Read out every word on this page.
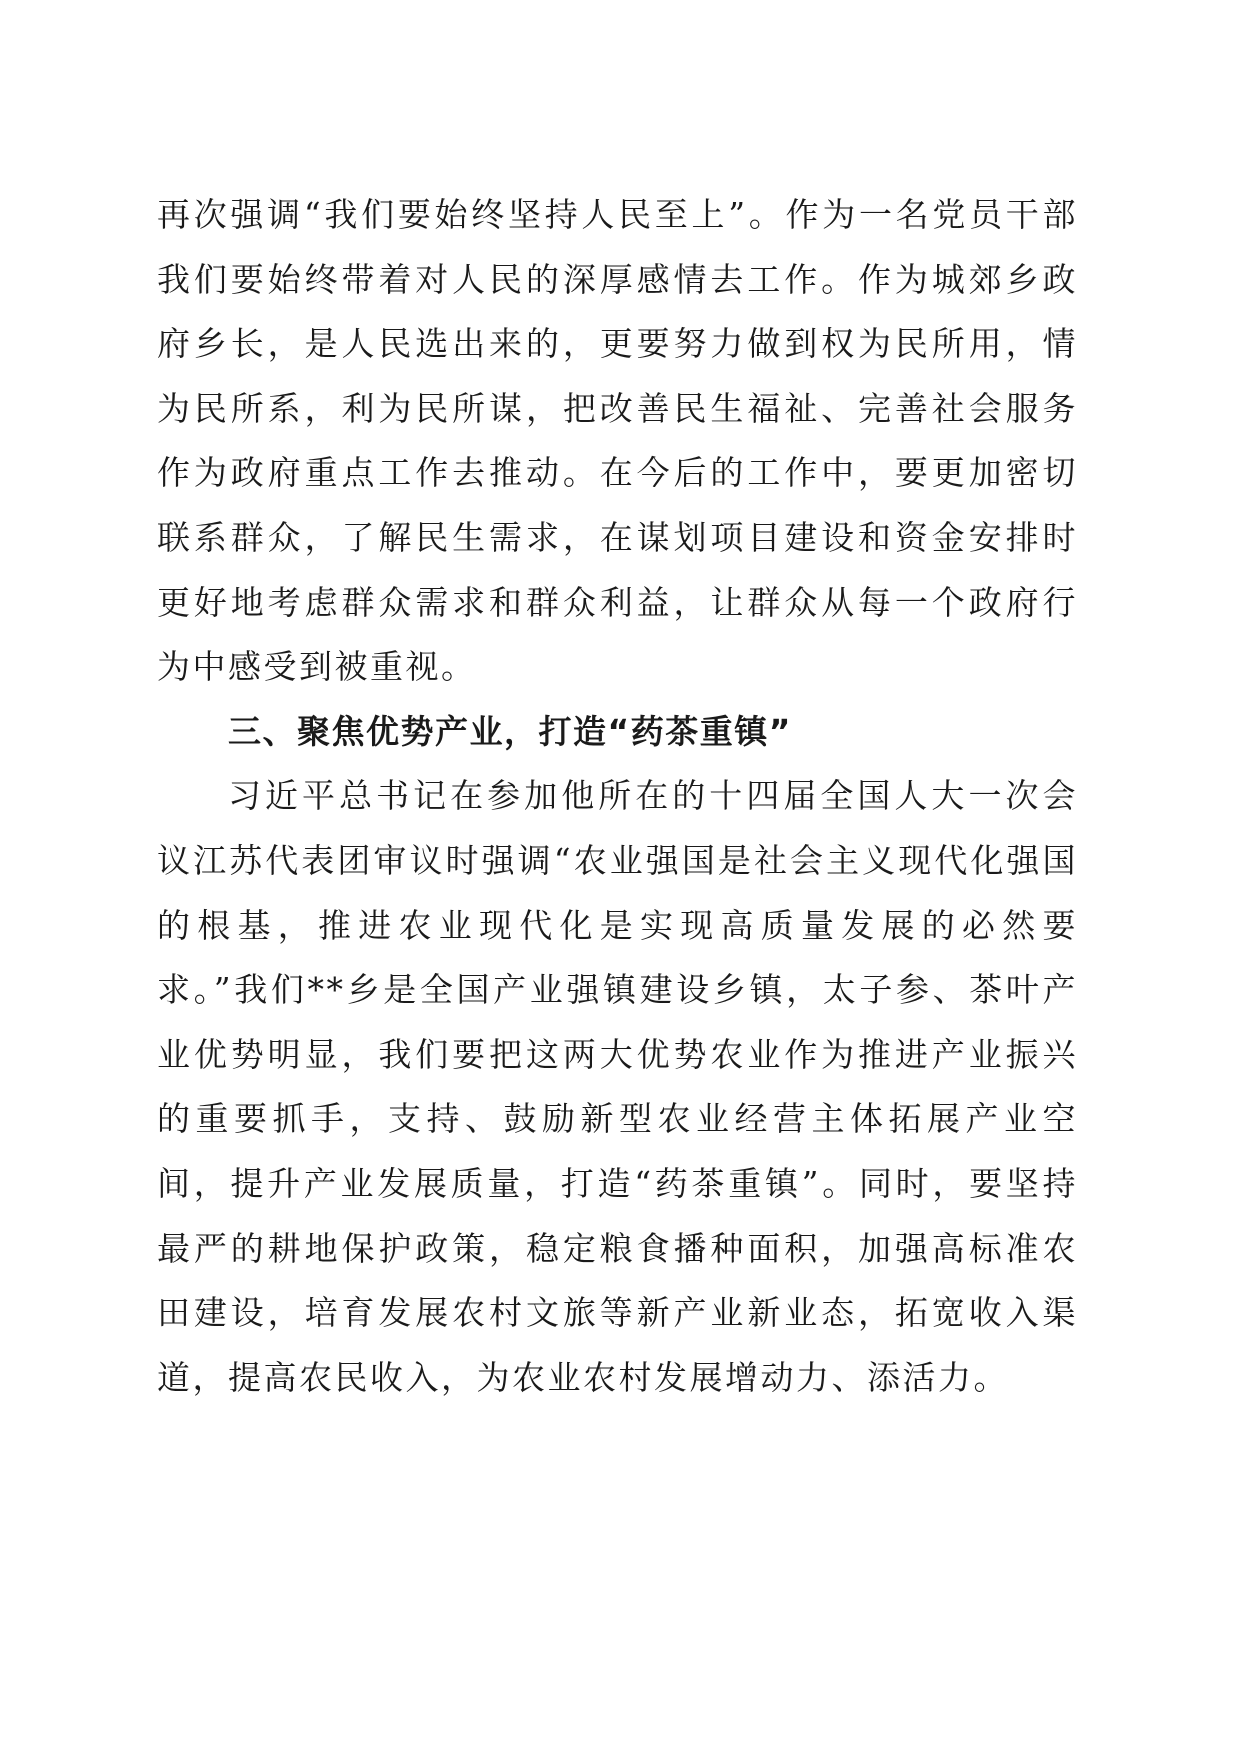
再次强调“我们要始终坚持人民至上”。作为一名党员干部我们要始终带着对人民的深厚感情去工作。作为城郊乡政府乡长，是人民选出来的，更要努力做到权为民所用，情为民所系，利为民所谋，把改善民生福祉、完善社会服务作为政府重点工作去推动。在今后的工作中，要更加密切联系群众，了解民生需求，在谋划项目建设和资金安排时更好地考虑群众需求和群众利益，让群众从每一个政府行为中感受到被重视。

三、聚焦优势产业，打造“药茶重镇”

习近平总书记在参加他所在的十四届全国人大一次会议江苏代表团审议时强调“农业强国是社会主义现代化强国的根基，推进农业现代化是实现高质量发展的必然要求。”我们**乡是全国产业强镇建设乡镇，太子参、茶叶产业优势明显，我们要把这两大优势农业作为推进产业振兴的重要抓手，支持、鼓励新型农业经营主体拓展产业空间，提升产业发展质量，打造“药茶重镇”。同时，要坚持最严的耕地保护政策，稳定粮食播种面积，加强高标准农田建设，培育发展农村文旅等新产业新业态，拓宽收入渠道，提高农民收入，为农业农村发展增动力、添活力。
